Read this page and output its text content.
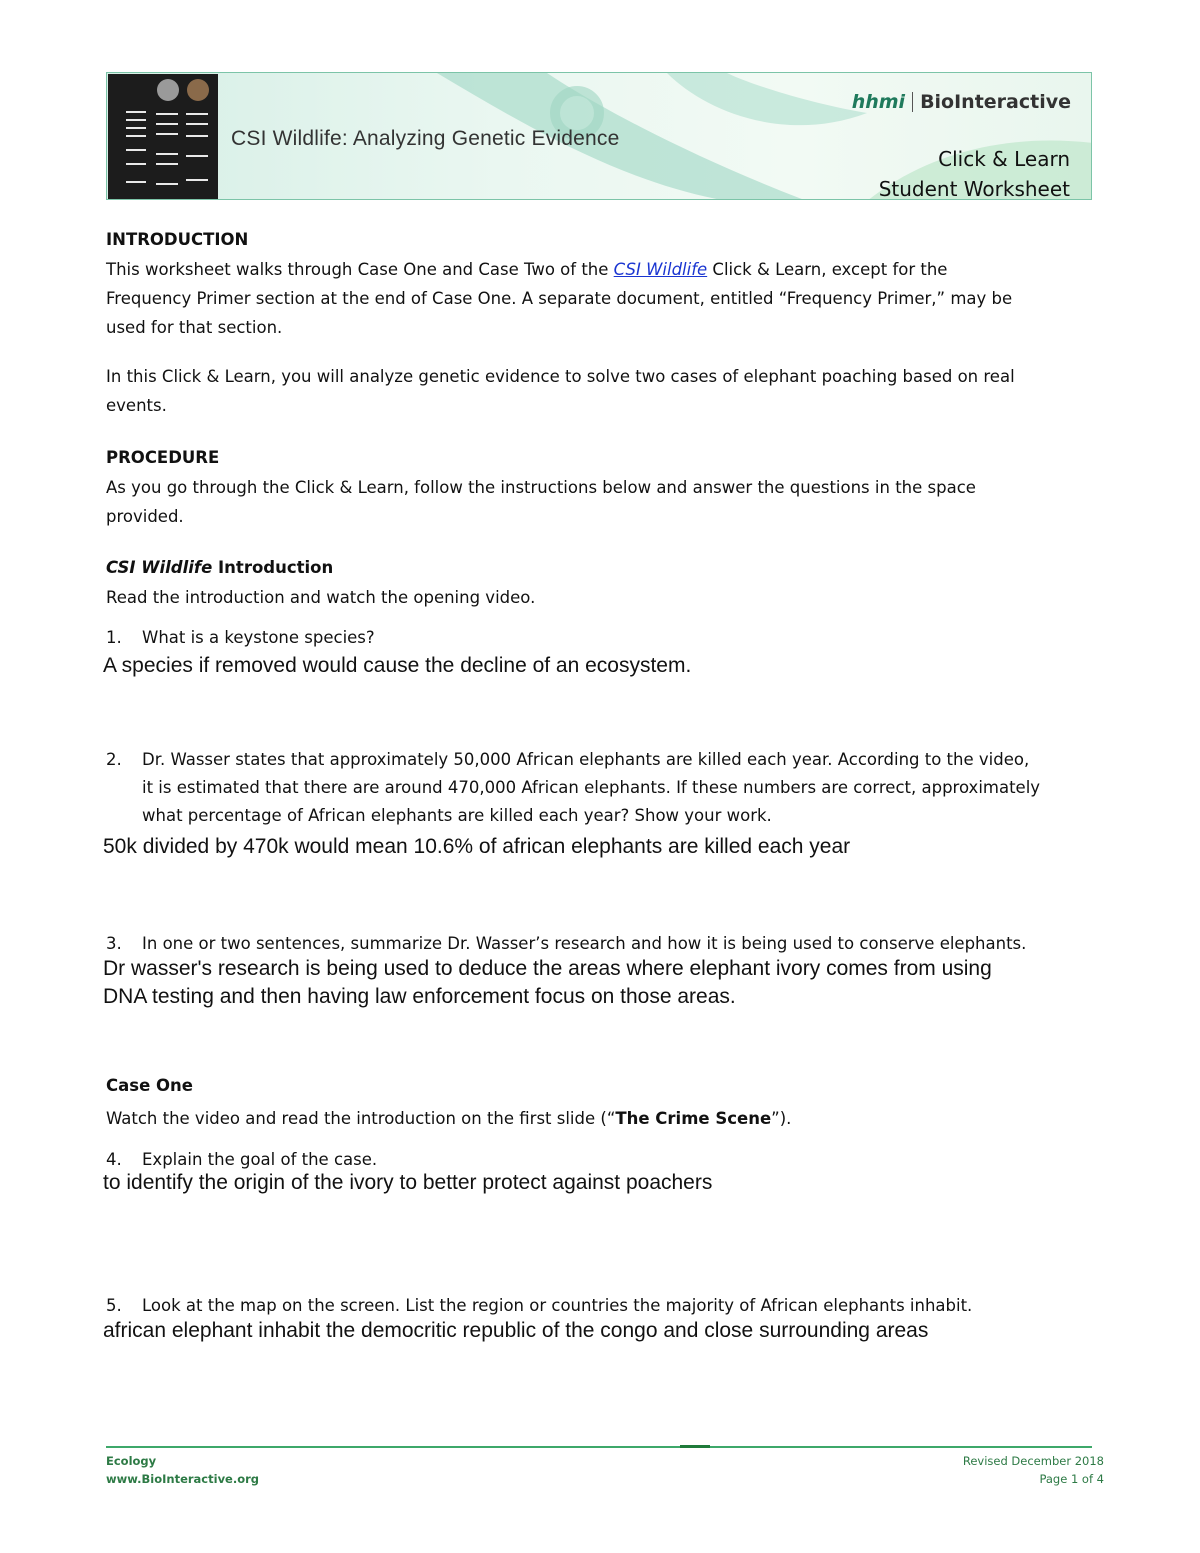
CSI Wildlife: Analyzing Genetic Evidence
hhmi BioInteractive
Click & Learn
Student Worksheet
INTRODUCTION
This worksheet walks through Case One and Case Two of the CSI Wildlife Click & Learn, except for the
Frequency Primer section at the end of Case One. A separate document, entitled “Frequency Primer,” may be
used for that section.
In this Click & Learn, you will analyze genetic evidence to solve two cases of elephant poaching based on real
events.
PROCEDURE
As you go through the Click & Learn, follow the instructions below and answer the questions in the space
provided.
CSI Wildlife Introduction
Read the introduction and watch the opening video.
1. What is a keystone species?
A species if removed would cause the decline of an ecosystem.
2. Dr. Wasser states that approximately 50,000 African elephants are killed each year. According to the video,
it is estimated that there are around 470,000 African elephants. If these numbers are correct, approximately
what percentage of African elephants are killed each year? Show your work.
50k divided by 470k would mean 10.6% of african elephants are killed each year
3. In one or two sentences, summarize Dr. Wasser’s research and how it is being used to conserve elephants.
Dr wasser's research is being used to deduce the areas where elephant ivory comes from using
DNA testing and then having law enforcement focus on those areas.
Case One
Watch the video and read the introduction on the first slide (“The Crime Scene”).
4. Explain the goal of the case.
to identify the origin of the ivory to better protect against poachers
5. Look at the map on the screen. List the region or countries the majority of African elephants inhabit.
african elephant inhabit the democritic republic of the congo and close surrounding areas
Ecology
www.BioInteractive.org
Revised December 2018
Page 1 of 4
